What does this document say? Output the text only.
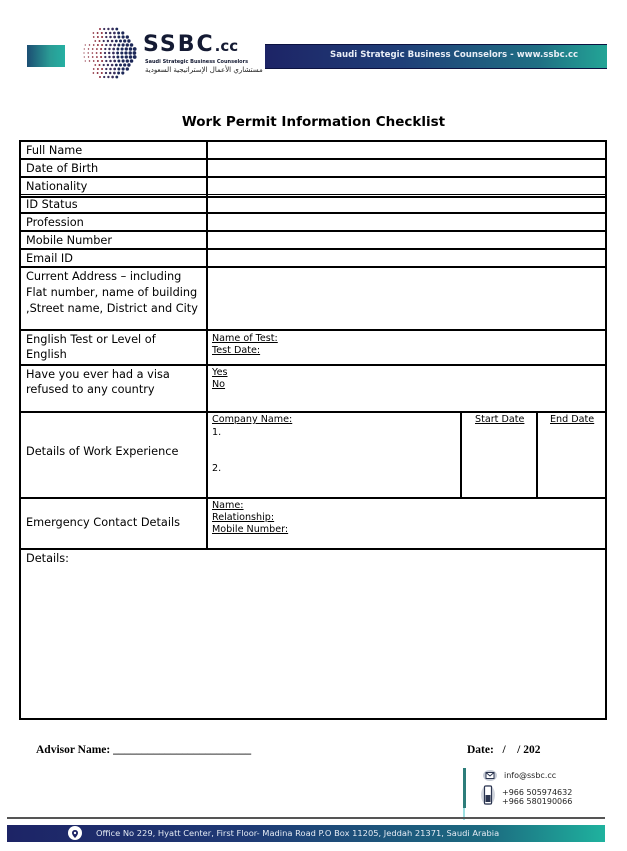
SSBC.cc
Saudi Strategic Business Counselors
مستشاري الأعمال الإستراتيجية السعودية
Saudi Strategic Business Counselors - www.ssbc.cc
Work Permit Information Checklist
Full Name
Date of Birth
Nationality
ID Status
Profession
Mobile Number
Email ID
Current Address – including
Flat number, name of building
,Street name, District and City
English Test or Level of
English
Name of Test:
Test Date:
Have you ever had a visa
refused to any country
Yes
No
Details of Work Experience
Company Name:
1.
2.
Start Date	End Date
Emergency Contact Details
Name:
Relationship:
Mobile Number:
Details:
Advisor Name: ________________________	Date:   /    / 202
info@ssbc.cc
+966 505974632
+966 580190066
Office No 229, Hyatt Center, First Floor- Madina Road P.O Box 11205, Jeddah 21371, Saudi Arabia
